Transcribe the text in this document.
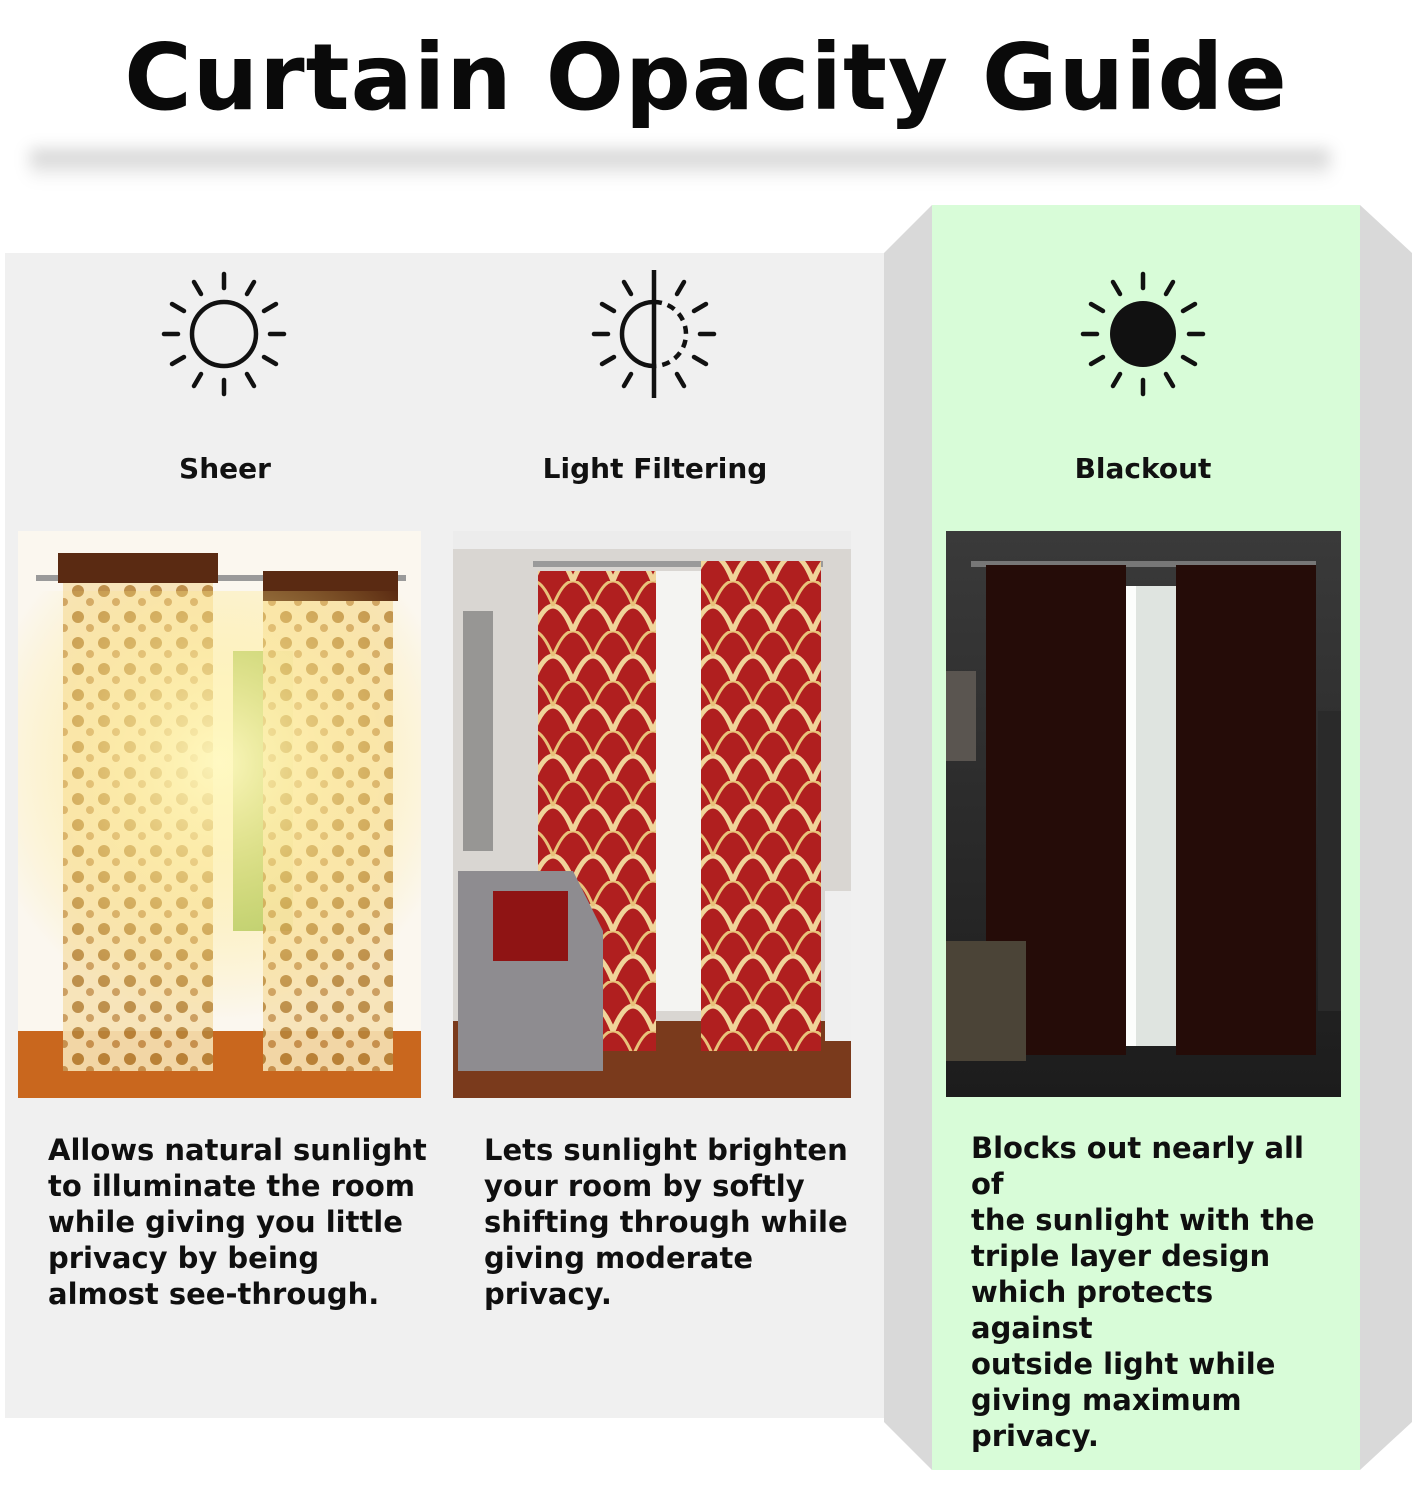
Curtain Opacity Guide
Sheer
Allows natural sunlight
to illuminate the room
while giving you little
privacy by being
almost see-through.
Light Filtering
Lets sunlight brighten
your room by softly
shifting through while
giving moderate
privacy.
Blackout
Blocks out nearly all of
the sunlight with the
triple layer design
which protects against
outside light while
giving maximum
privacy.
